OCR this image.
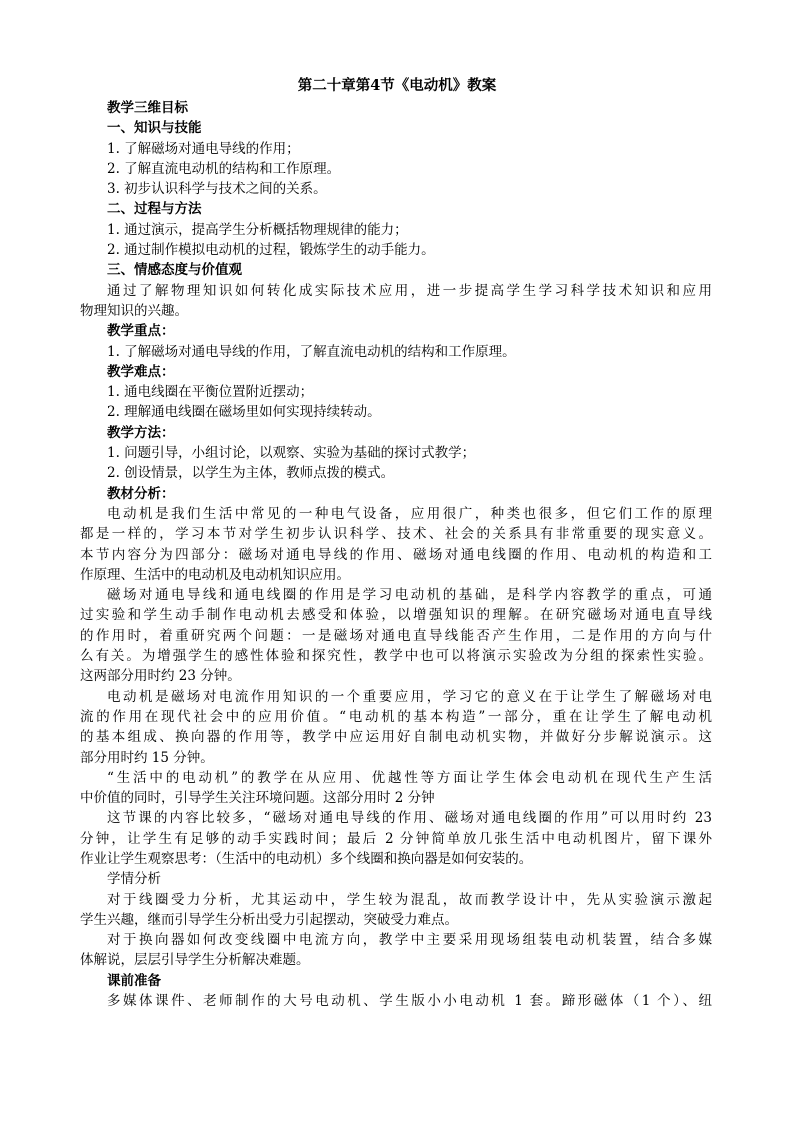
第二十章第4节《电动机》教案
教学三维目标
一、知识与技能
1. 了解磁场对通电导线的作用；
2. 了解直流电动机的结构和工作原理。
3. 初步认识科学与技术之间的关系。
二、过程与方法
1. 通过演示，提高学生分析概括物理规律的能力；
2. 通过制作模拟电动机的过程，锻炼学生的动手能力。
三、情感态度与价值观
通过了解物理知识如何转化成实际技术应用，进一步提高学生学习科学技术知识和应用
物理知识的兴趣。
教学重点：
1. 了解磁场对通电导线的作用，了解直流电动机的结构和工作原理。
教学难点：
1. 通电线圈在平衡位置附近摆动；
2. 理解通电线圈在磁场里如何实现持续转动。
教学方法：
1. 问题引导，小组讨论，以观察、实验为基础的探讨式教学；
2. 创设情景，以学生为主体，教师点拨的模式。
教材分析：
电动机是我们生活中常见的一种电气设备，应用很广，种类也很多，但它们工作的原理
都是一样的，学习本节对学生初步认识科学、技术、社会的关系具有非常重要的现实意义。
本节内容分为四部分：磁场对通电导线的作用、磁场对通电线圈的作用、电动机的构造和工
作原理、生活中的电动机及电动机知识应用。
磁场对通电导线和通电线圈的作用是学习电动机的基础，是科学内容教学的重点，可通
过实验和学生动手制作电动机去感受和体验，以增强知识的理解。在研究磁场对通电直导线
的作用时，着重研究两个问题：一是磁场对通电直导线能否产生作用，二是作用的方向与什
么有关。为增强学生的感性体验和探究性，教学中也可以将演示实验改为分组的探索性实验。
这两部分用时约 23 分钟。
电动机是磁场对电流作用知识的一个重要应用，学习它的意义在于让学生了解磁场对电
流的作用在现代社会中的应用价值。“电动机的基本构造”一部分，重在让学生了解电动机
的基本组成、换向器的作用等，教学中应运用好自制电动机实物，并做好分步解说演示。这
部分用时约 15 分钟。
“生活中的电动机”的教学在从应用、优越性等方面让学生体会电动机在现代生产生活
中价值的同时，引导学生关注环境问题。这部分用时 2 分钟
这节课的内容比较多，“磁场对通电导线的作用、磁场对通电线圈的作用”可以用时约 23
分钟，让学生有足够的动手实践时间；最后 2 分钟简单放几张生活中电动机图片，留下课外
作业让学生观察思考：（生活中的电动机）多个线圈和换向器是如何安装的。
学情分析
对于线圈受力分析，尤其运动中，学生较为混乱，故而教学设计中，先从实验演示激起
学生兴趣，继而引导学生分析出受力引起摆动，突破受力难点。
对于换向器如何改变线圈中电流方向，教学中主要采用现场组装电动机装置，结合多媒
体解说，层层引导学生分析解决难题。
课前准备
多媒体课件、老师制作的大号电动机、学生版小小电动机 1 套。蹄形磁体（1 个）、纽
